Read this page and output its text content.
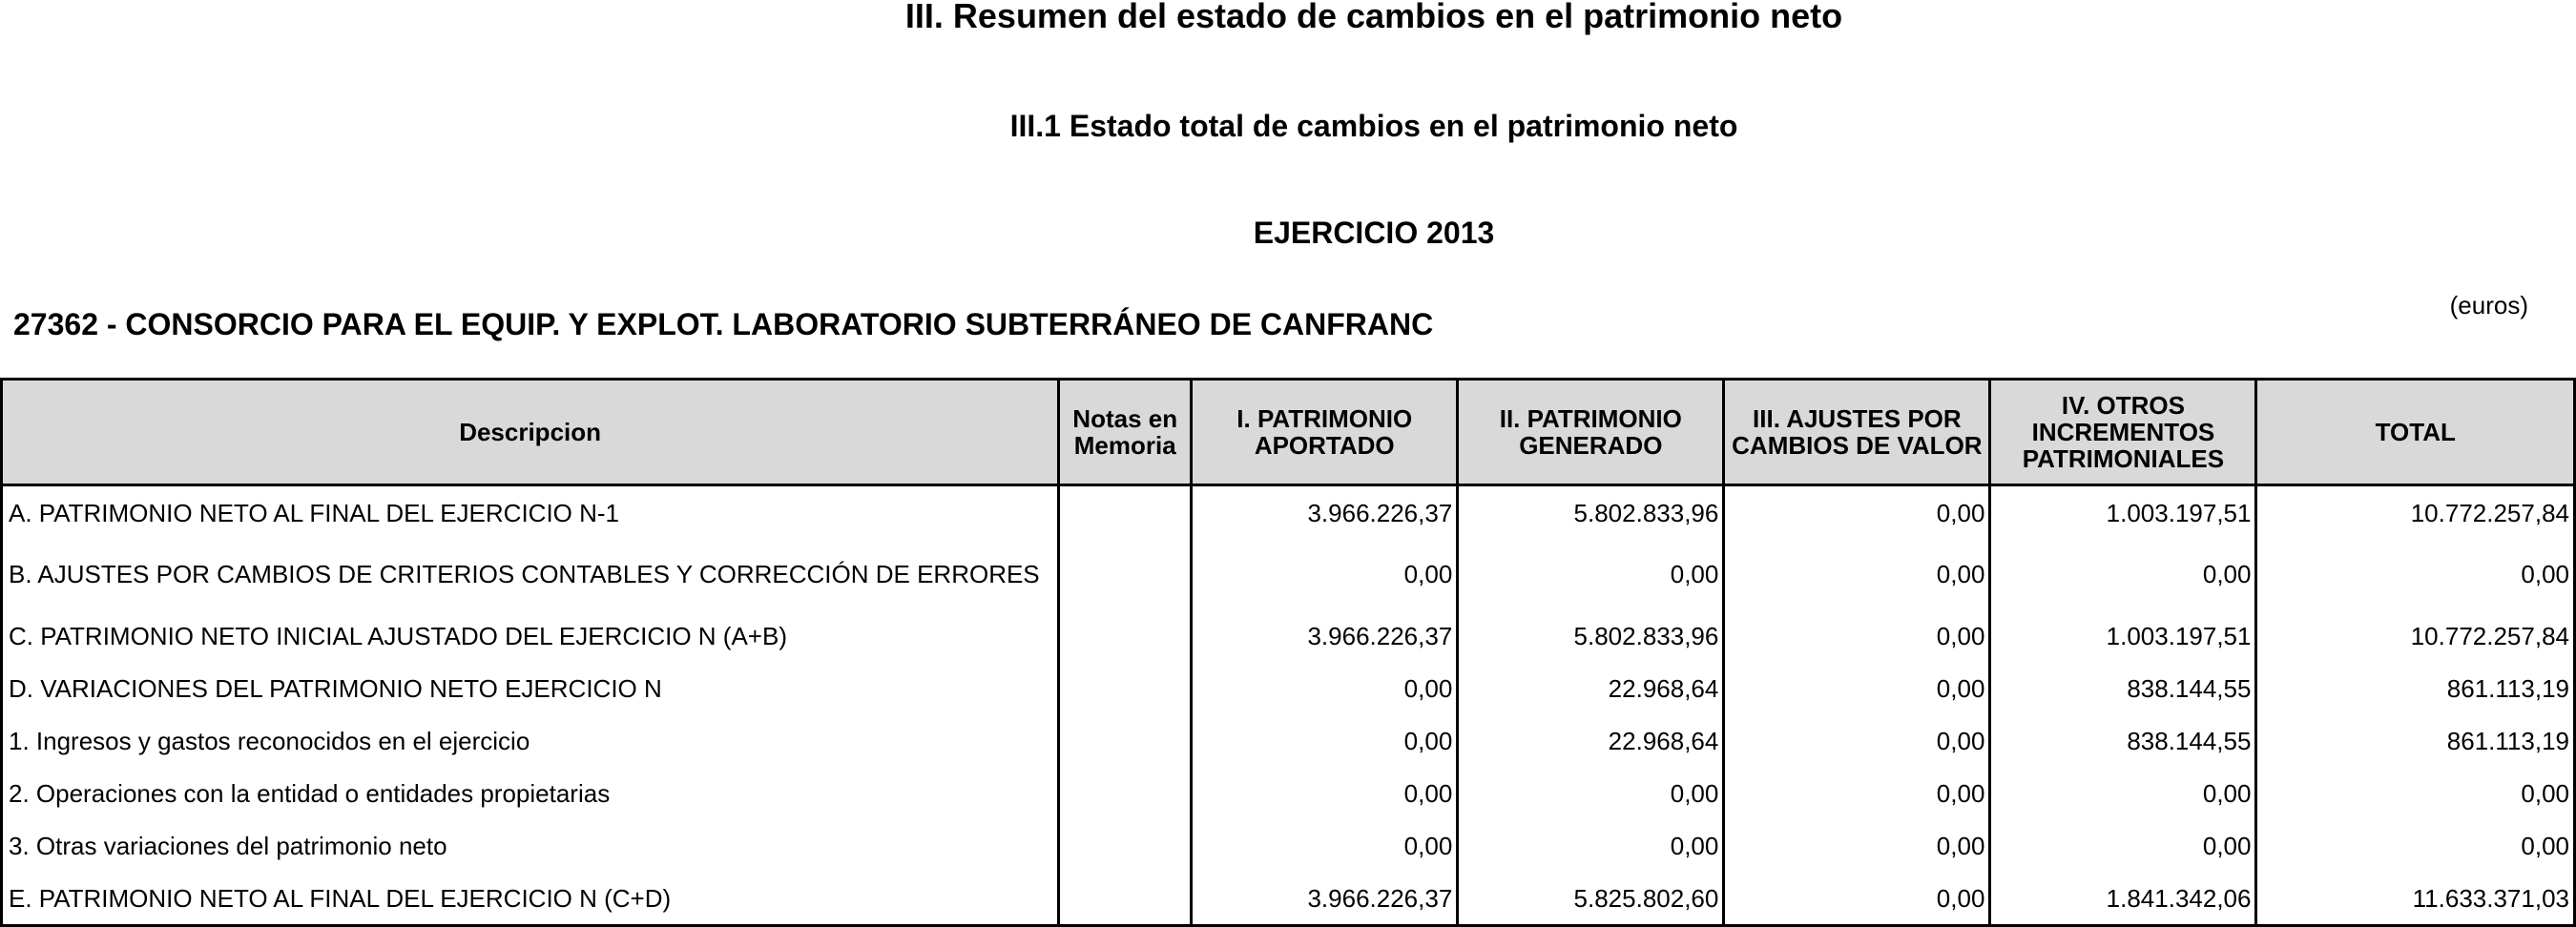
III. Resumen del estado de cambios en el patrimonio neto
III.1 Estado total de cambios en el patrimonio neto
EJERCICIO 2013
27362 - CONSORCIO PARA EL EQUIP. Y EXPLOT. LABORATORIO SUBTERRÁNEO DE CANFRANC
(euros)
Descripcion	Notas en Memoria	I. PATRIMONIO APORTADO	II. PATRIMONIO GENERADO	III. AJUSTES POR CAMBIOS DE VALOR	IV. OTROS INCREMENTOS PATRIMONIALES	TOTAL
A. PATRIMONIO NETO AL FINAL DEL EJERCICIO N-1		3.966.226,37	5.802.833,96	0,00	1.003.197,51	10.772.257,84
B. AJUSTES POR CAMBIOS DE CRITERIOS CONTABLES Y CORRECCIÓN DE ERRORES		0,00	0,00	0,00	0,00	0,00
C. PATRIMONIO NETO INICIAL AJUSTADO DEL EJERCICIO N (A+B)		3.966.226,37	5.802.833,96	0,00	1.003.197,51	10.772.257,84
D. VARIACIONES DEL PATRIMONIO NETO EJERCICIO N		0,00	22.968,64	0,00	838.144,55	861.113,19
1. Ingresos y gastos reconocidos en el ejercicio		0,00	22.968,64	0,00	838.144,55	861.113,19
2. Operaciones con la entidad o entidades propietarias		0,00	0,00	0,00	0,00	0,00
3. Otras variaciones del patrimonio neto		0,00	0,00	0,00	0,00	0,00
E. PATRIMONIO NETO AL FINAL DEL EJERCICIO N (C+D)		3.966.226,37	5.825.802,60	0,00	1.841.342,06	11.633.371,03
